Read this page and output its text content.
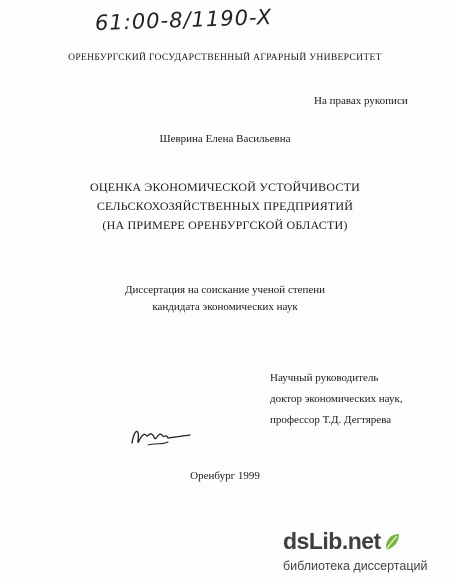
61:00-8/1190-X
ОРЕНБУРГСКИЙ ГОСУДАРСТВЕННЫЙ АГРАРНЫЙ УНИВЕРСИТЕТ
На правах рукописи
Шеврина Елена Васильевна
ОЦЕНКА ЭКОНОМИЧЕСКОЙ УСТОЙЧИВОСТИ
СЕЛЬСКОХОЗЯЙСТВЕННЫХ ПРЕДПРИЯТИЙ
(НА ПРИМЕРЕ ОРЕНБУРГСКОЙ ОБЛАСТИ)
Диссертация на соискание ученой степени
кандидата экономических наук
Научный руководитель
доктор экономических наук,
профессор Т.Д. Дегтярева
Оренбург 1999
dsLib.net
библиотека диссертаций
